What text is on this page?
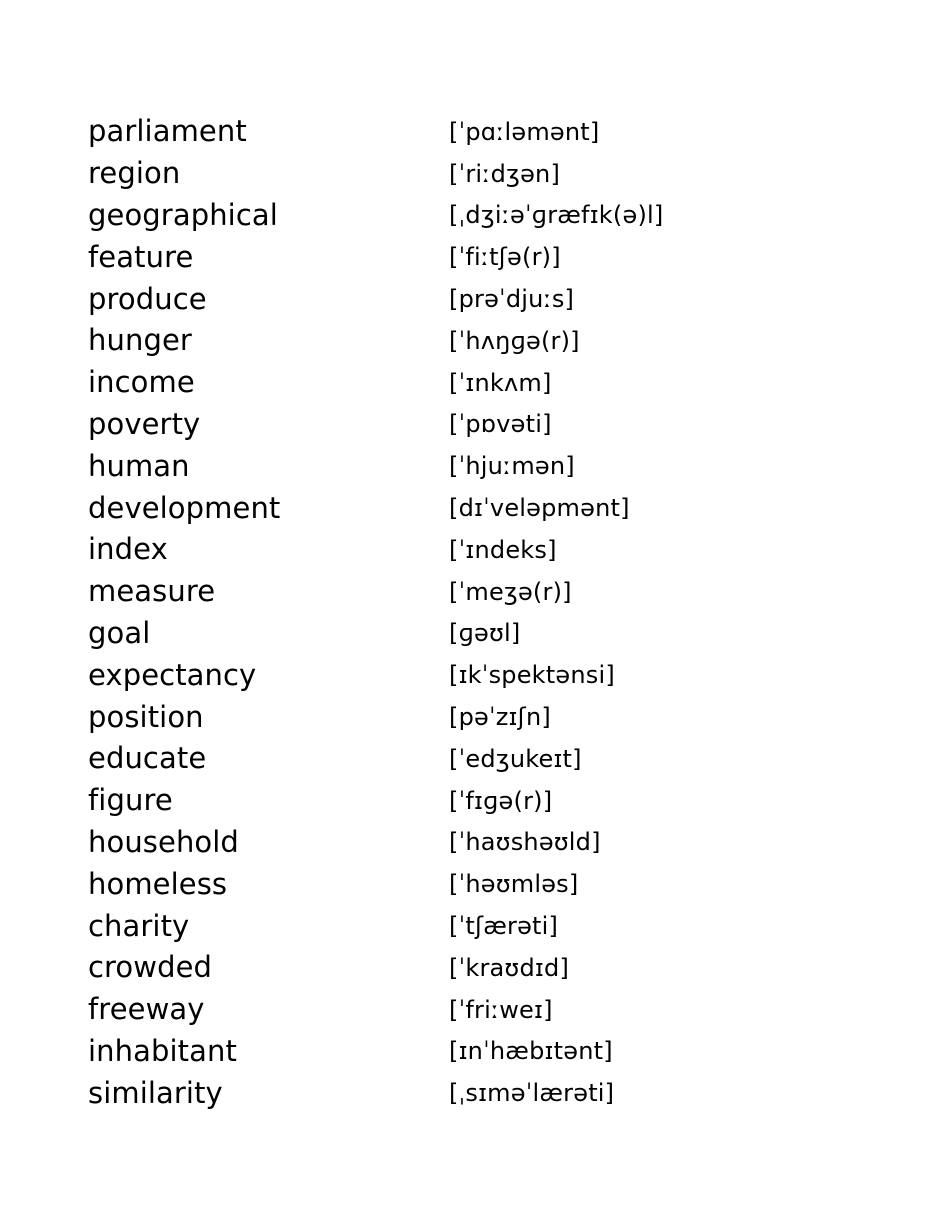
parliament	[ˈpɑːləmənt]
region	[ˈriːdʒən]
geographical	[ˌdʒiːəˈɡræfɪk(ə)l]
feature	[ˈfiːtʃə(r)]
produce	[prəˈdjuːs]
hunger	[ˈhʌŋɡə(r)]
income	[ˈɪnkʌm]
poverty	[ˈpɒvəti]
human	[ˈhjuːmən]
development	[dɪˈveləpmənt]
index	[ˈɪndeks]
measure	[ˈmeʒə(r)]
goal	[ɡəʊl]
expectancy	[ɪkˈspektənsi]
position	[pəˈzɪʃn]
educate	[ˈedʒukeɪt]
figure	[ˈfɪɡə(r)]
household	[ˈhaʊshəʊld]
homeless	[ˈhəʊmləs]
charity	[ˈtʃærəti]
crowded	[ˈkraʊdɪd]
freeway	[ˈfriːweɪ]
inhabitant	[ɪnˈhæbɪtənt]
similarity	[ˌsɪməˈlærəti]
